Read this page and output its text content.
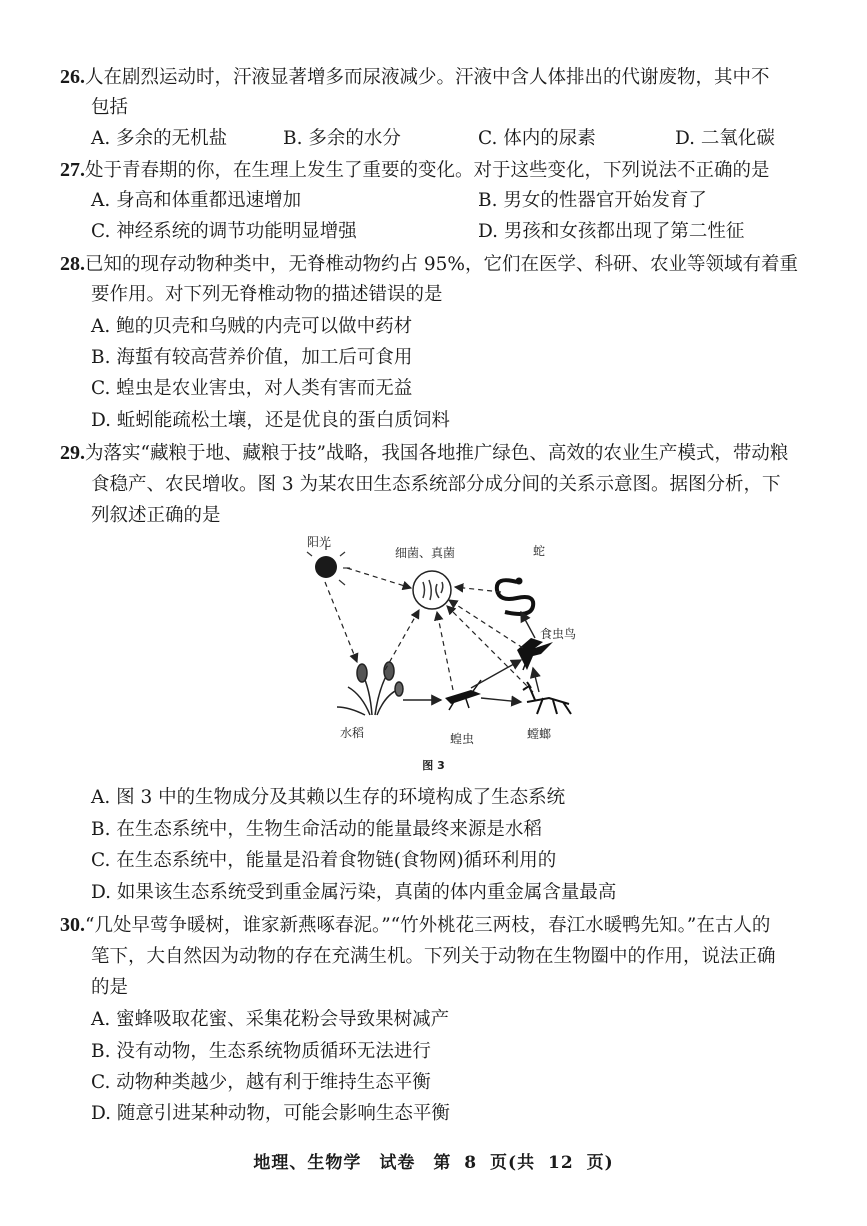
26.人在剧烈运动时，汗液显著增多而尿液减少。汗液中含人体排出的代谢废物，其中不
包括
A. 多余的无机盐	B. 多余的水分	C. 体内的尿素	D. 二氧化碳
27.处于青春期的你，在生理上发生了重要的变化。对于这些变化，下列说法不正确的是
A. 身高和体重都迅速增加	B. 男女的性器官开始发育了
C. 神经系统的调节功能明显增强	D. 男孩和女孩都出现了第二性征
28.已知的现存动物种类中，无脊椎动物约占 95%，它们在医学、科研、农业等领域有着重
要作用。对下列无脊椎动物的描述错误的是
A. 鲍的贝壳和乌贼的内壳可以做中药材
B. 海蜇有较高营养价值，加工后可食用
C. 蝗虫是农业害虫，对人类有害而无益
D. 蚯蚓能疏松土壤，还是优良的蛋白质饲料
29.为落实“藏粮于地、藏粮于技”战略，我国各地推广绿色、高效的农业生产模式，带动粮
食稳产、农民增收。图 3 为某农田生态系统部分成分间的关系示意图。据图分析，下
列叙述正确的是
阳光
细菌、真菌	蛇
食虫鸟
水稻	蝗虫	螳螂
图 3
A. 图 3 中的生物成分及其赖以生存的环境构成了生态系统
B. 在生态系统中，生物生命活动的能量最终来源是水稻
C. 在生态系统中，能量是沿着食物链(食物网)循环利用的
D. 如果该生态系统受到重金属污染，真菌的体内重金属含量最高
30.“几处早莺争暖树，谁家新燕啄春泥。”“竹外桃花三两枝，春江水暖鸭先知。”在古人的
笔下，大自然因为动物的存在充满生机。下列关于动物在生物圈中的作用，说法正确
的是
A. 蜜蜂吸取花蜜、采集花粉会导致果树减产
B. 没有动物，生态系统物质循环无法进行
C. 动物种类越少，越有利于维持生态平衡
D. 随意引进某种动物，可能会影响生态平衡
地理、生物学　试卷　第 8 页(共 12 页)
